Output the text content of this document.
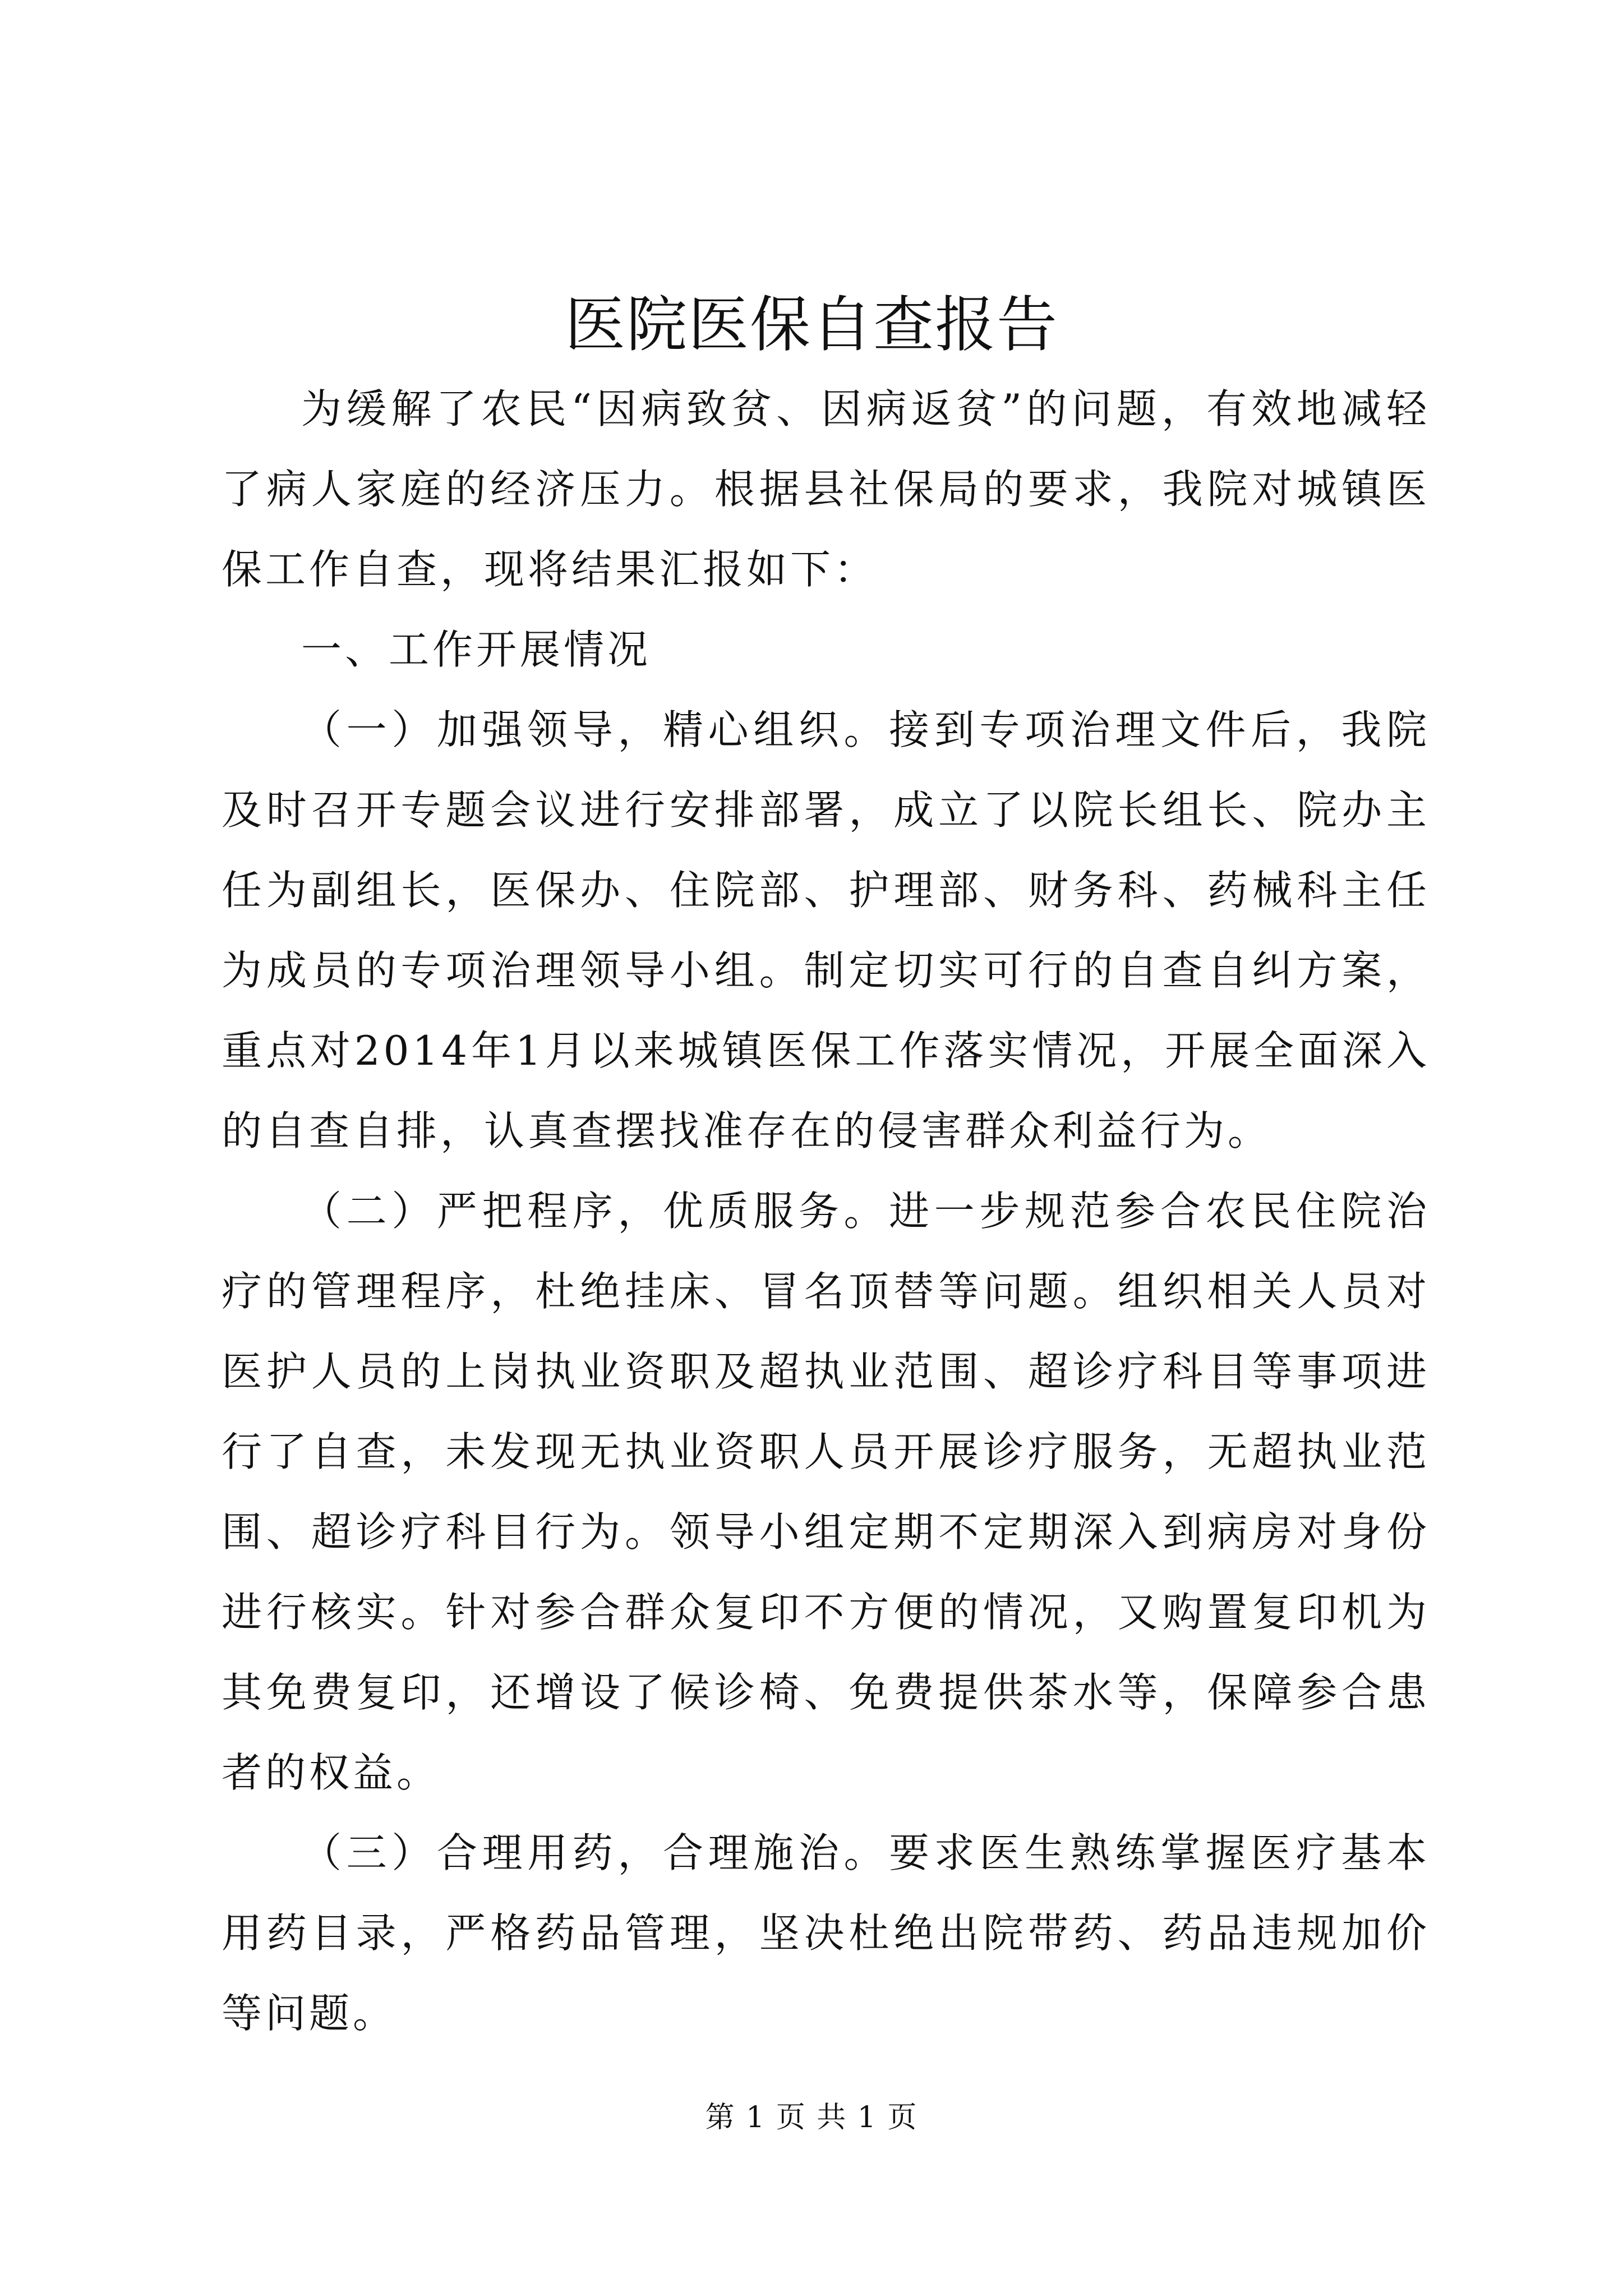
医院医保自查报告

为缓解了农民“因病致贫、因病返贫”的问题，有效地减轻了病人家庭的经济压力。根据县社保局的要求，我院对城镇医保工作自查，现将结果汇报如下：

一、工作开展情况

（一）加强领导，精心组织。接到专项治理文件后，我院及时召开专题会议进行安排部署，成立了以院长组长、院办主任为副组长，医保办、住院部、护理部、财务科、药械科主任为成员的专项治理领导小组。制定切实可行的自查自纠方案，重点对2014年1月以来城镇医保工作落实情况，开展全面深入的自查自排，认真查摆找准存在的侵害群众利益行为。

（二）严把程序，优质服务。进一步规范参合农民住院治疗的管理程序，杜绝挂床、冒名顶替等问题。组织相关人员对医护人员的上岗执业资职及超执业范围、超诊疗科目等事项进行了自查，未发现无执业资职人员开展诊疗服务，无超执业范围、超诊疗科目行为。领导小组定期不定期深入到病房对身份进行核实。针对参合群众复印不方便的情况，又购置复印机为其免费复印，还增设了候诊椅、免费提供茶水等，保障参合患者的权益。

（三）合理用药，合理施治。要求医生熟练掌握医疗基本用药目录，严格药品管理，坚决杜绝出院带药、药品违规加价等问题。

第 1 页 共 1 页
